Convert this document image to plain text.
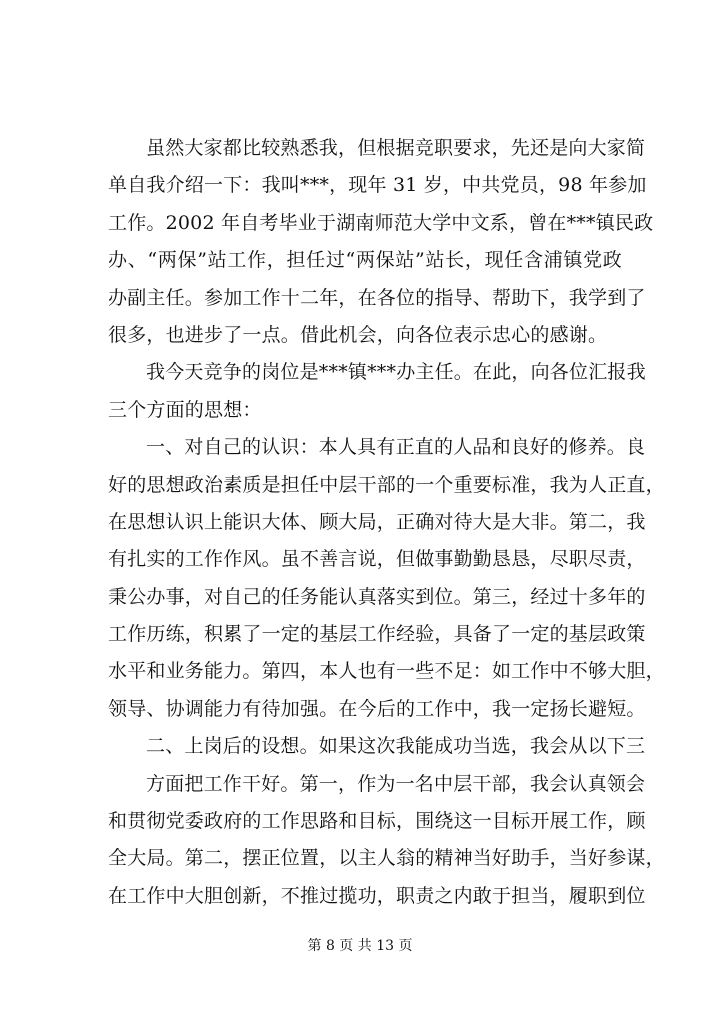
虽然大家都比较熟悉我，但根据竞职要求，先还是向大家简
单自我介绍一下：我叫***，现年 31 岁，中共党员，98 年参加
工作。2002 年自考毕业于湖南师范大学中文系，曾在***镇民政
办、“两保”站工作，担任过“两保站”站长，现任含浦镇党政
办副主任。参加工作十二年，在各位的指导、帮助下，我学到了
很多，也进步了一点。借此机会，向各位表示忠心的感谢。
我今天竞争的岗位是***镇***办主任。在此，向各位汇报我
三个方面的思想：
一、对自己的认识：本人具有正直的人品和良好的修养。良
好的思想政治素质是担任中层干部的一个重要标准，我为人正直，
在思想认识上能识大体、顾大局，正确对待大是大非。第二，我
有扎实的工作作风。虽不善言说，但做事勤勤恳恳，尽职尽责，
秉公办事，对自己的任务能认真落实到位。第三，经过十多年的
工作历练，积累了一定的基层工作经验，具备了一定的基层政策
水平和业务能力。第四，本人也有一些不足：如工作中不够大胆，
领导、协调能力有待加强。在今后的工作中，我一定扬长避短。
二、上岗后的设想。如果这次我能成功当选，我会从以下三
方面把工作干好。第一，作为一名中层干部，我会认真领会
和贯彻党委政府的工作思路和目标，围绕这一目标开展工作，顾
全大局。第二，摆正位置，以主人翁的精神当好助手，当好参谋，
在工作中大胆创新，不推过揽功，职责之内敢于担当，履职到位
第 8 页 共 13 页
